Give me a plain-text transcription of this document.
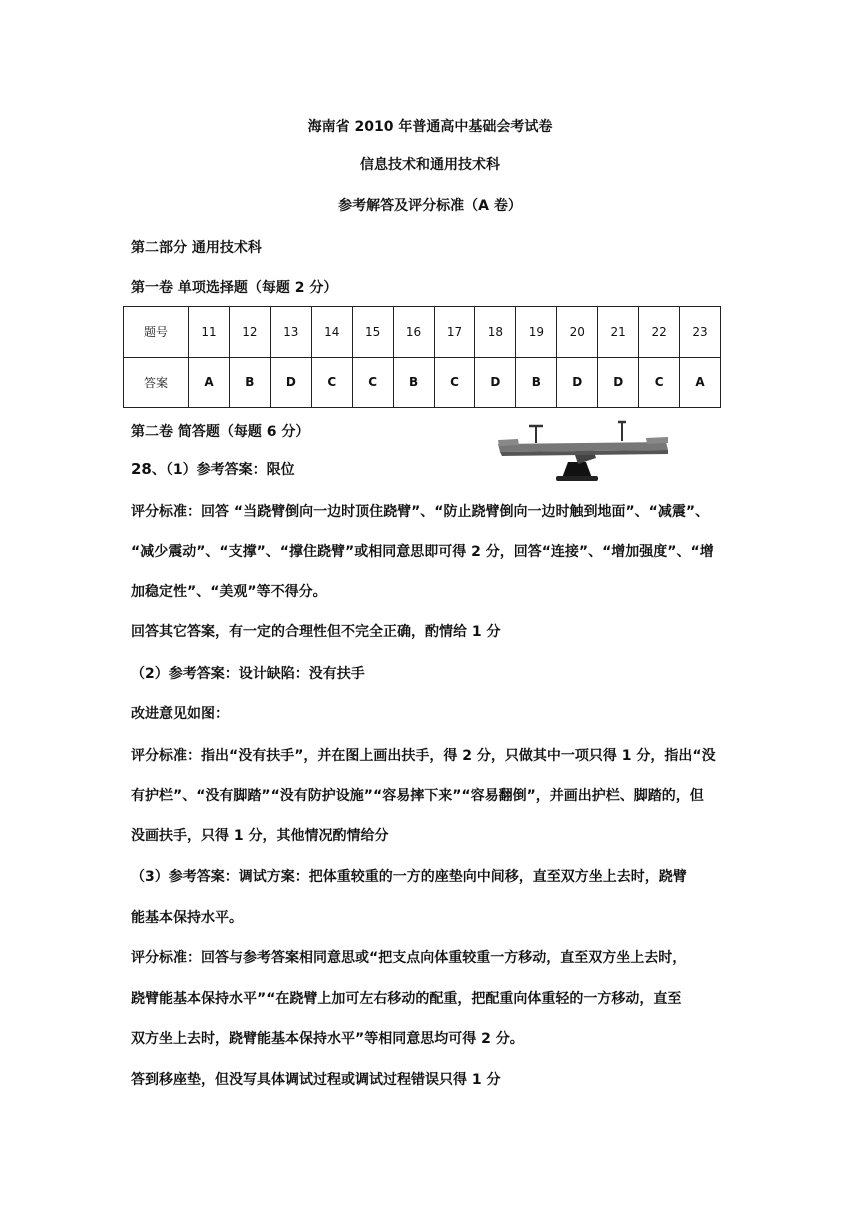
海南省 2010 年普通高中基础会考试卷
信息技术和通用技术科
参考解答及评分标准（A 卷）
第二部分 通用技术科
第一卷 单项选择题（每题 2 分）
题号	11	12	13	14	15	16	17	18	19	20	21	22	23
答案	A	B	D	C	C	B	C	D	B	D	D	C	A
第二卷 简答题（每题 6 分）
28、（1）参考答案：限位
评分标准：回答 “当跷臂倒向一边时顶住跷臂”、“防止跷臂倒向一边时触到地面”、“减震”、
“减少震动”、“支撑”、“撑住跷臂”或相同意思即可得 2 分，回答“连接”、“增加强度”、“增
加稳定性”、“美观”等不得分。
回答其它答案，有一定的合理性但不完全正确，酌情给 1 分
（2）参考答案：设计缺陷：没有扶手
改进意见如图：
评分标准：指出“没有扶手”，并在图上画出扶手，得 2 分，只做其中一项只得 1 分，指出“没
有护栏”、“没有脚踏”“没有防护设施”“容易摔下来”“容易翻倒”，并画出护栏、脚踏的，但
没画扶手，只得 1 分，其他情况酌情给分
（3）参考答案：调试方案：把体重较重的一方的座垫向中间移，直至双方坐上去时，跷臂
能基本保持水平。
评分标准：回答与参考答案相同意思或“把支点向体重较重一方移动，直至双方坐上去时，
跷臂能基本保持水平”“在跷臂上加可左右移动的配重，把配重向体重轻的一方移动，直至
双方坐上去时，跷臂能基本保持水平”等相同意思均可得 2 分。
答到移座垫，但没写具体调试过程或调试过程错误只得 1 分
